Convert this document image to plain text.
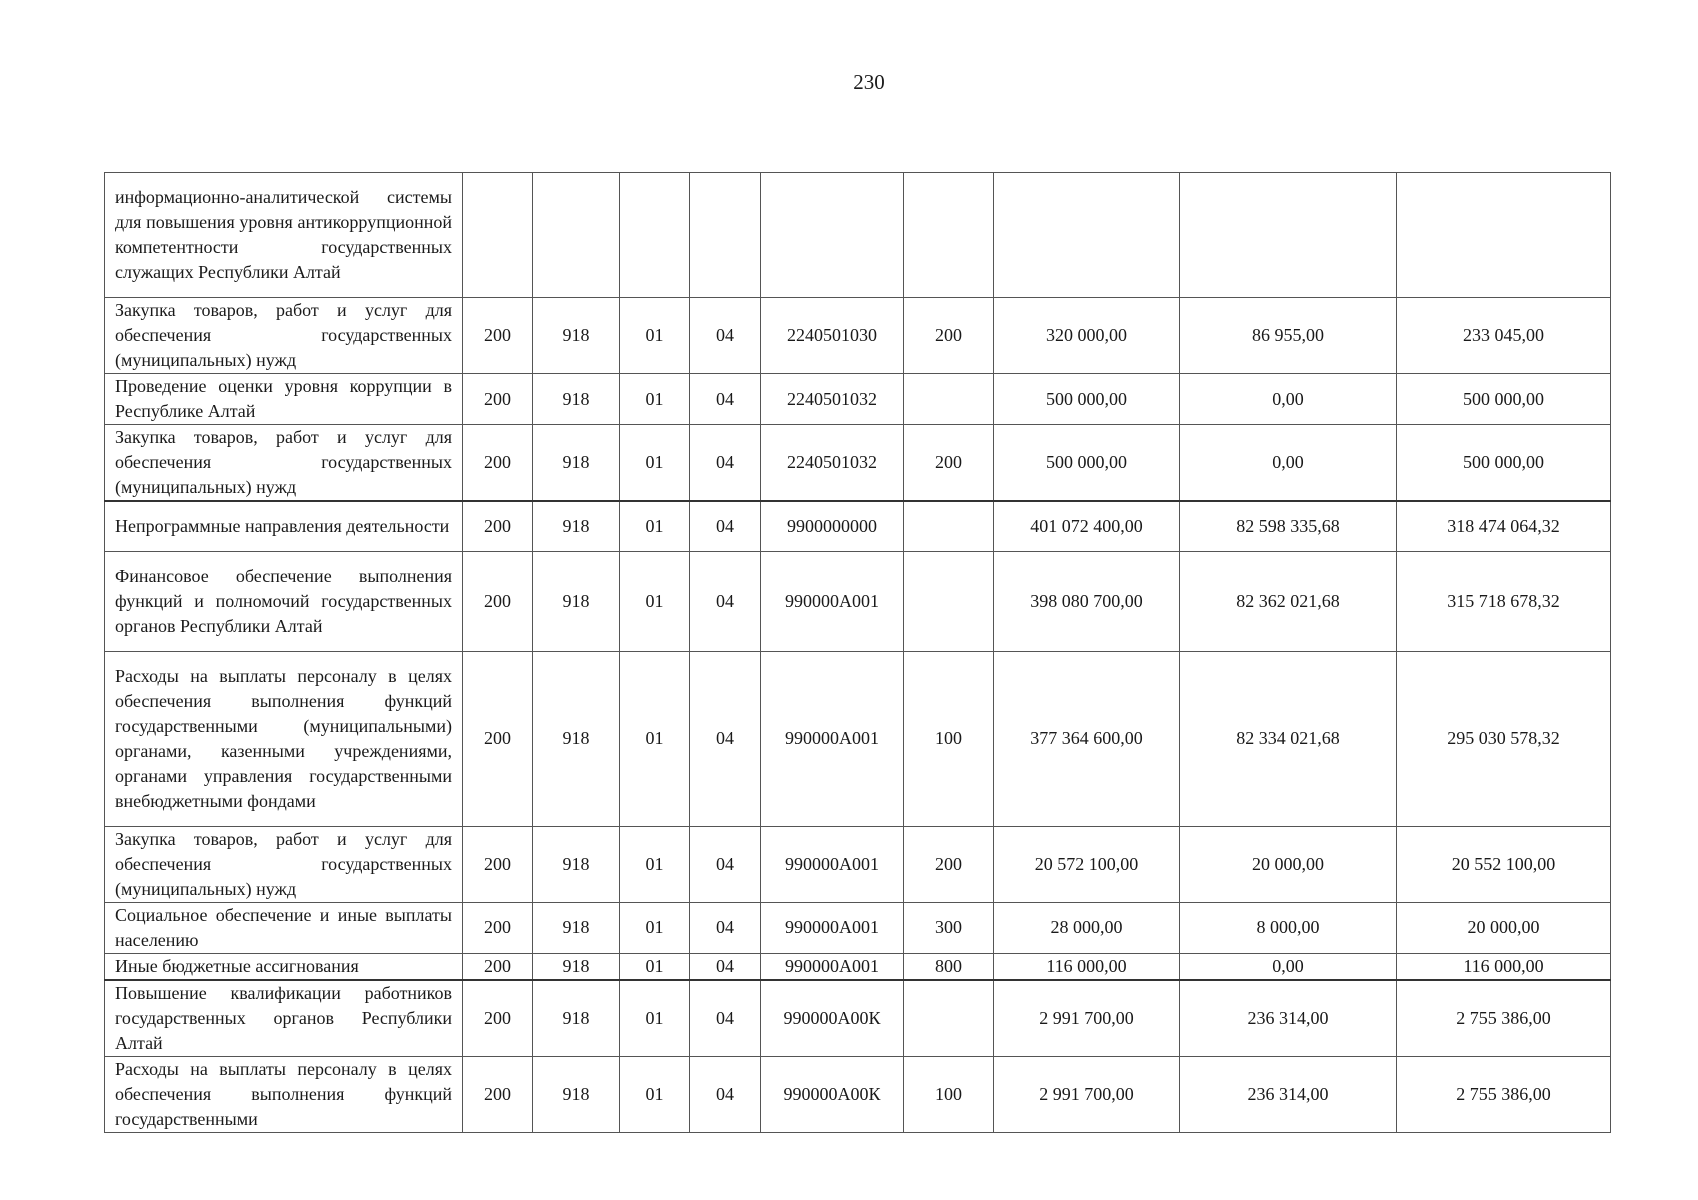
230
информационно-аналитической системы для повышения уровня антикоррупционной компетентности государственных служащих Республики Алтай									
Закупка товаров, работ и услуг для обеспечения государственных (муниципальных) нужд	200	918	01	04	2240501030	200	320 000,00	86 955,00	233 045,00
Проведение оценки уровня коррупции в Республике Алтай	200	918	01	04	2240501032		500 000,00	0,00	500 000,00
Закупка товаров, работ и услуг для обеспечения государственных (муниципальных) нужд	200	918	01	04	2240501032	200	500 000,00	0,00	500 000,00
Непрограммные направления деятельности	200	918	01	04	9900000000		401 072 400,00	82 598 335,68	318 474 064,32
Финансовое обеспечение выполнения функций и полномочий государственных органов Республики Алтай	200	918	01	04	990000А001		398 080 700,00	82 362 021,68	315 718 678,32
Расходы на выплаты персоналу в целях обеспечения выполнения функций государственными (муниципальными) органами, казенными учреждениями, органами управления государственными внебюджетными фондами	200	918	01	04	990000А001	100	377 364 600,00	82 334 021,68	295 030 578,32
Закупка товаров, работ и услуг для обеспечения государственных (муниципальных) нужд	200	918	01	04	990000А001	200	20 572 100,00	20 000,00	20 552 100,00
Социальное обеспечение и иные выплаты населению	200	918	01	04	990000А001	300	28 000,00	8 000,00	20 000,00
Иные бюджетные ассигнования	200	918	01	04	990000А001	800	116 000,00	0,00	116 000,00
Повышение квалификации работников государственных органов Республики Алтай	200	918	01	04	990000А00К		2 991 700,00	236 314,00	2 755 386,00
Расходы на выплаты персоналу в целях обеспечения выполнения функций государственными	200	918	01	04	990000А00К	100	2 991 700,00	236 314,00	2 755 386,00
